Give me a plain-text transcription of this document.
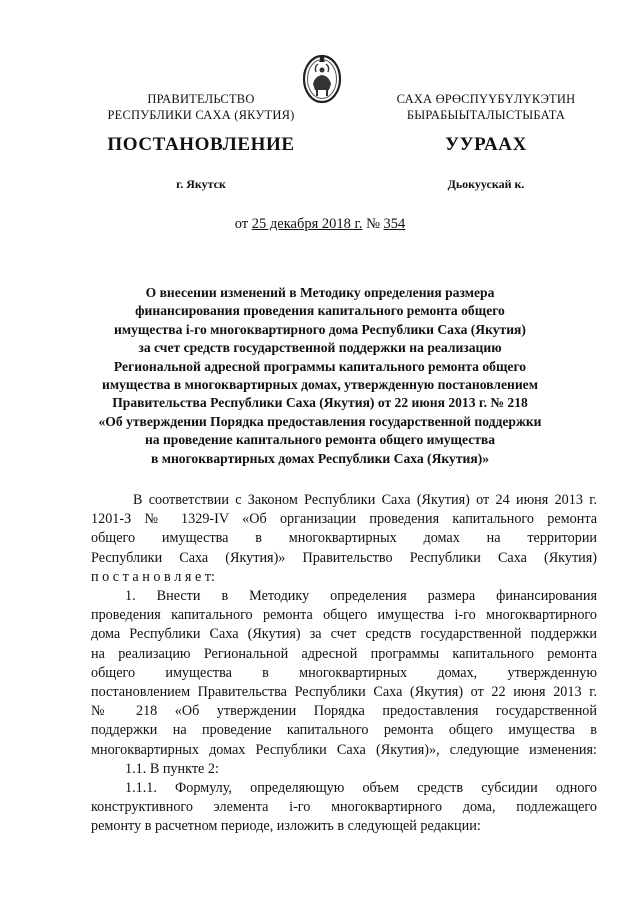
ПРАВИТЕЛЬСТВО
РЕСПУБЛИКИ САХА (ЯКУТИЯ)
САХА ӨРӨСПҮҮБҮЛҮКЭТИН
БЫРАБЫЫТАЛЫСТЫБАТА
ПОСТАНОВЛЕНИЕ	УУРААХ
г. Якутск	Дьокуускай к.
от 25 декабря 2018 г. № 354
О внесении изменений в Методику определения размера
финансирования проведения капитального ремонта общего
имущества i-го многоквартирного дома Республики Саха (Якутия)
за счет средств государственной поддержки на реализацию
Региональной адресной программы капитального ремонта общего
имущества в многоквартирных домах, утвержденную постановлением
Правительства Республики Саха (Якутия) от 22 июня 2013 г. № 218
«Об утверждении Порядка предоставления государственной поддержки
на проведение капитального ремонта общего имущества
в многоквартирных домах Республики Саха (Якутия)»
В соответствии с Законом Республики Саха (Якутия) от 24 июня 2013 г.
1201-З № 1329-IV «Об организации проведения капитального ремонта
общего имущества в многоквартирных домах на территории
Республики Саха (Якутия)» Правительство Республики Саха (Якутия)
п о с т а н о в л я е т:
1. Внести в Методику определения размера финансирования
проведения капитального ремонта общего имущества i-го многоквартирного
дома Республики Саха (Якутия) за счет средств государственной поддержки
на реализацию Региональной адресной программы капитального ремонта
общего имущества в многоквартирных домах, утвержденную
постановлением Правительства Республики Саха (Якутия) от 22 июня 2013 г.
№ 218 «Об утверждении Порядка предоставления государственной
поддержки на проведение капитального ремонта общего имущества в
многоквартирных домах Республики Саха (Якутия)», следующие изменения:
1.1. В пункте 2:
1.1.1. Формулу, определяющую объем средств субсидии одного
конструктивного элемента i-го многоквартирного дома, подлежащего
ремонту в расчетном периоде, изложить в следующей редакции:
